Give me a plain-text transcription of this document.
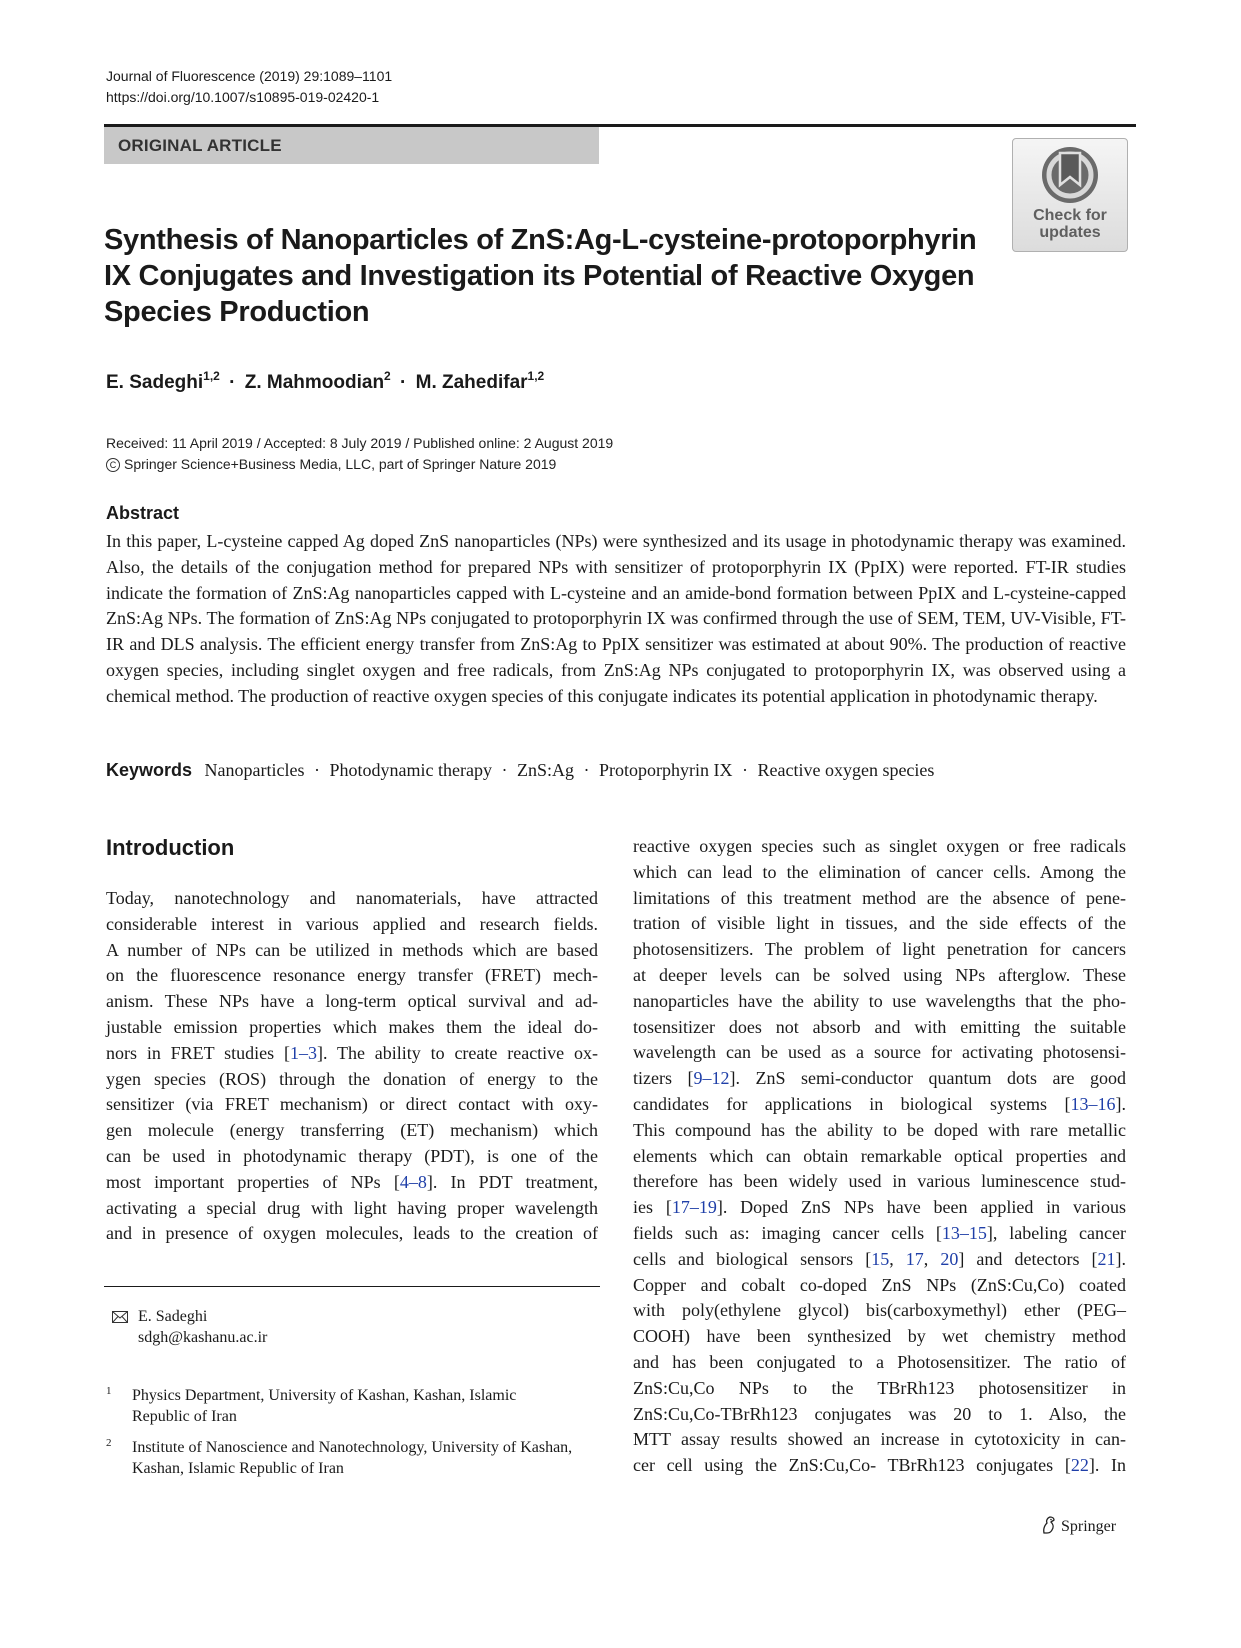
Journal of Fluorescence (2019) 29:1089–1101
https://doi.org/10.1007/s10895-019-02420-1
ORIGINAL ARTICLE
Check for
updates
Synthesis of Nanoparticles of ZnS:Ag-L-cysteine-protoporphyrin IX Conjugates and Investigation its Potential of Reactive Oxygen Species Production
E. Sadeghi$^{1,2}$ · Z. Mahmoodian$^2$ · M. Zahedifar$^{1,2}$
Received: 11 April 2019 / Accepted: 8 July 2019 / Published online: 2 August 2019
C Springer Science+Business Media, LLC, part of Springer Nature 2019
Abstract

In this paper, L-cysteine capped Ag doped ZnS nanoparticles (NPs) were synthesized and its usage in photodynamic therapy was examined. Also, the details of the conjugation method for prepared NPs with sensitizer of protoporphyrin IX (PpIX) were reported. FT-IR studies indicate the formation of ZnS:Ag nanoparticles capped with L-cysteine and an amide-bond formation between PpIX and L-cysteine-capped ZnS:Ag NPs. The formation of ZnS:Ag NPs conjugated to protoporphyrin IX was confirmed through the use of SEM, TEM, UV-Visible, FT-IR and DLS analysis. The efficient energy transfer from ZnS:Ag to PpIX sensitizer was estimated at about 90%. The production of reactive oxygen species, including singlet oxygen and free radicals, from ZnS:Ag NPs conjugated to protoporphyrin IX, was observed using a chemical method. The production of reactive oxygen species of this conjugate indicates its potential application in photodynamic therapy.

Keywords Nanoparticles · Photodynamic therapy · ZnS:Ag · Protoporphyrin IX · Reactive oxygen species
Introduction
Today, nanotechnology and nanomaterials, have attracted
considerable interest in various applied and research fields.
A number of NPs can be utilized in methods which are based
on the fluorescence resonance energy transfer (FRET) mech-
anism. These NPs have a long-term optical survival and ad-
justable emission properties which makes them the ideal do-
nors in FRET studies [1–3]. The ability to create reactive ox-
ygen species (ROS) through the donation of energy to the
sensitizer (via FRET mechanism) or direct contact with oxy-
gen molecule (energy transferring (ET) mechanism) which
can be used in photodynamic therapy (PDT), is one of the
most important properties of NPs [4–8]. In PDT treatment,
activating a special drug with light having proper wavelength
and in presence of oxygen molecules, leads to the creation of
reactive oxygen species such as singlet oxygen or free radicals
which can lead to the elimination of cancer cells. Among the
limitations of this treatment method are the absence of pene-
tration of visible light in tissues, and the side effects of the
photosensitizers. The problem of light penetration for cancers
at deeper levels can be solved using NPs afterglow. These
nanoparticles have the ability to use wavelengths that the pho-
tosensitizer does not absorb and with emitting the suitable
wavelength can be used as a source for activating photosensi-
tizers [9–12]. ZnS semi-conductor quantum dots are good
candidates for applications in biological systems [13–16].
This compound has the ability to be doped with rare metallic
elements which can obtain remarkable optical properties and
therefore has been widely used in various luminescence stud-
ies [17–19]. Doped ZnS NPs have been applied in various
fields such as: imaging cancer cells [13–15], labeling cancer
cells and biological sensors [15, 17, 20] and detectors [21].
Copper and cobalt co-doped ZnS NPs (ZnS:Cu,Co) coated
with poly(ethylene glycol) bis(carboxymethyl) ether (PEG–
COOH) have been synthesized by wet chemistry method
and has been conjugated to a Photosensitizer. The ratio of
ZnS:Cu,Co NPs to the TBrRh123 photosensitizer in
ZnS:Cu,Co-TBrRh123 conjugates was 20 to 1. Also, the
MTT assay results showed an increase in cytotoxicity in can-
cer cell using the ZnS:Cu,Co- TBrRh123 conjugates [22]. In
E. Sadeghi
sdgh@kashanu.ac.ir
1 Physics Department, University of Kashan, Kashan, Islamic
Republic of Iran
2 Institute of Nanoscience and Nanotechnology, University of Kashan,
Kashan, Islamic Republic of Iran
Springer
